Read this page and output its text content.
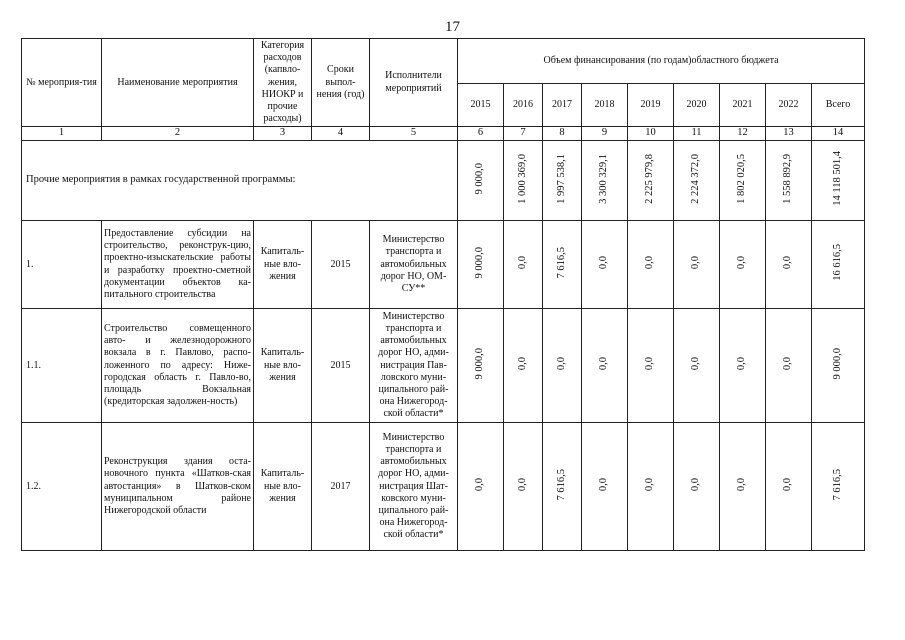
17
№ мероприя-тия	Наименование мероприятия	Категория расходов (капвло-жения, НИОКР и прочие расходы)	Сроки выпол-нения (год)	Исполнители мероприятий	Объем финансирования (по годам)областного бюджета								
					2015	2016	2017	2018	2019	2020	2021	2022	Всего
1	2	3	4	5	6	7	8	9	10	11	12	13	14
Прочие мероприятия в рамках государственной программы:					9 000,0	1 000 369,0	1 997 538,1	3 300 329,1	2 225 979,8	2 224 372,0	1 802 020,5	1 558 892,9	14 118 501,4
1.	Предоставление субсидии на строительство, реконструк-цию, проектно-изыскательские работы и разработку проектно-сметной документации объектов ка-питального строительства	Капиталь-ные вло-жения	2015	Министерство транспорта и автомобильных дорог НО, ОМ-СУ**	9 000,0	0,0	7 616,5	0,0	0,0	0,0	0,0	0,0	16 616,5
1.1.	Строительство совмещенного авто- и железнодорожного вокзала в г. Павлово, распо-ложенного по адресу: Ниже-городская область г. Павло-во, площадь Вокзальная (кредиторская задолжен-ность)	Капиталь-ные вло-жения	2015	Министерство транспорта и автомобильных дорог НО, адми-нистрация Пав-ловского муни-ципального рай-она Нижегород-ской области*	9 000,0	0,0	0,0	0,0	0,0	0,0	0,0	0,0	9 000,0
1.2.	Реконструкция здания оста-новочного пункта «Шатков-ская автостанция» в Шатков-ском муниципальном районе Нижегородской области	Капиталь-ные вло-жения	2017	Министерство транспорта и автомобильных дорог НО, адми-нистрация Шат-ковского муни-ципального рай-она Нижегород-ской области*	0,0	0,0	7 616,5	0,0	0,0	0,0	0,0	0,0	7 616,5
